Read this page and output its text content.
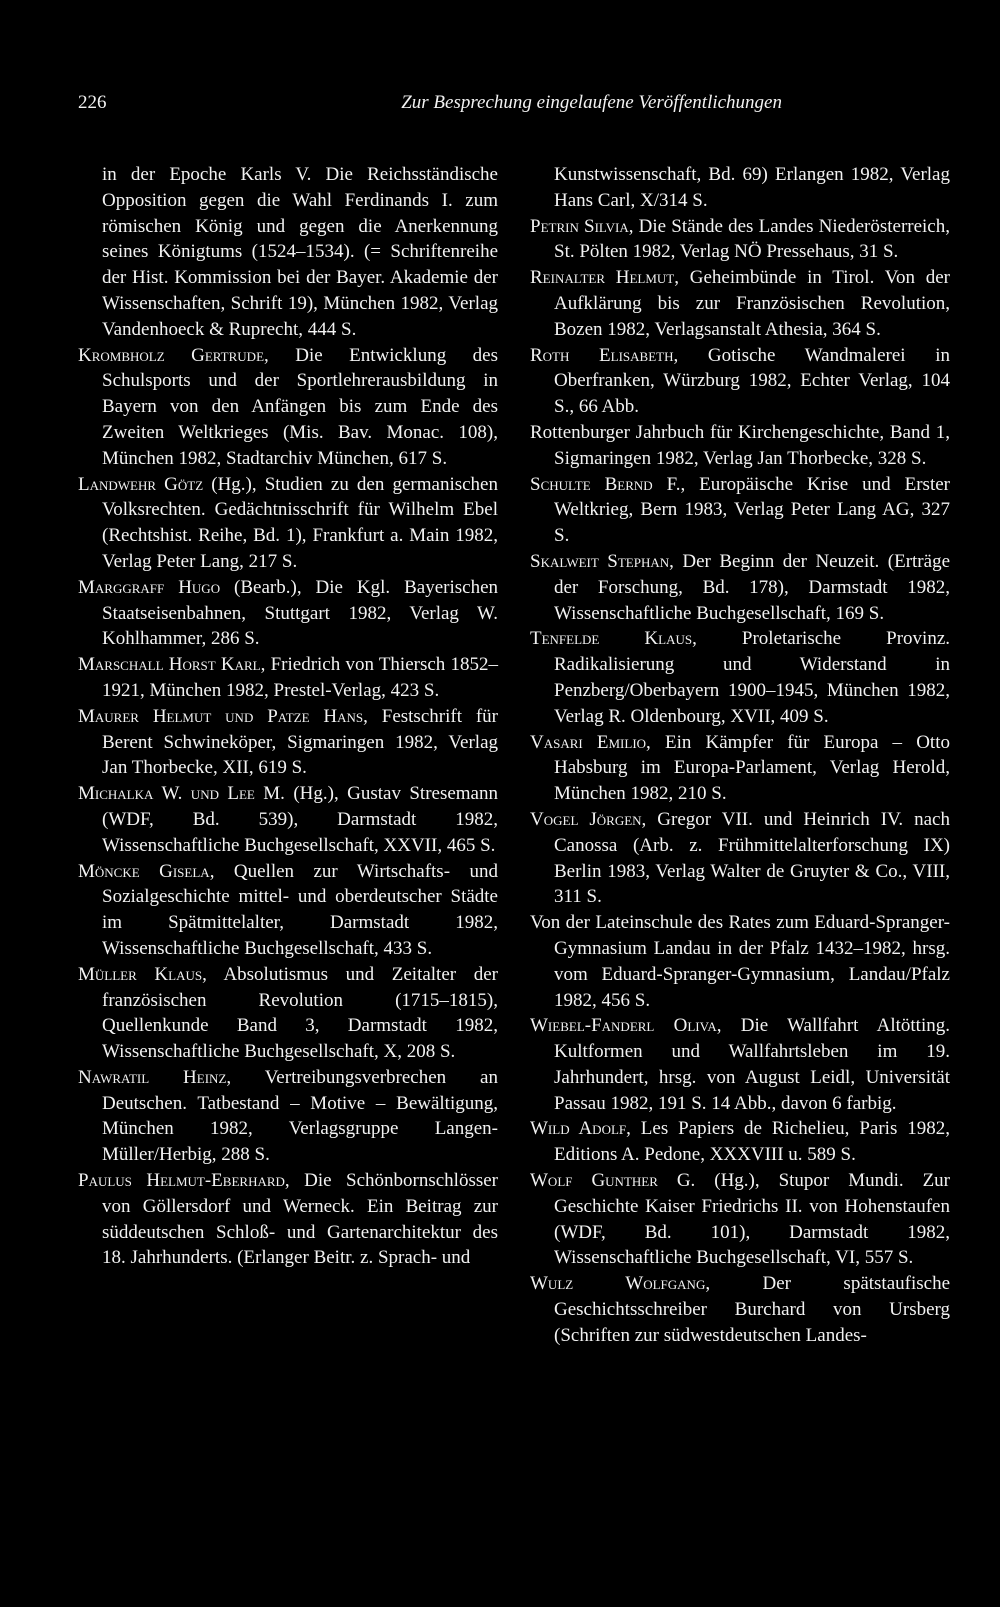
226	Zur Besprechung eingelaufene Veröffentlichungen
in der Epoche Karls V. Die Reichsständische Opposition gegen die Wahl Ferdinands I. zum römischen König und gegen die Anerkennung seines Königtums (1524–1534). (= Schriftenreihe der Hist. Kommission bei der Bayer. Akademie der Wissenschaften, Schrift 19), München 1982, Verlag Vandenhoeck & Ruprecht, 444 S.
Krombholz Gertrude, Die Entwicklung des Schulsports und der Sportlehrerausbildung in Bayern von den Anfängen bis zum Ende des Zweiten Weltkrieges (Mis. Bav. Monac. 108), München 1982, Stadtarchiv München, 617 S.
Landwehr Götz (Hg.), Studien zu den germanischen Volksrechten. Gedächtnisschrift für Wilhelm Ebel (Rechtshist. Reihe, Bd. 1), Frankfurt a. Main 1982, Verlag Peter Lang, 217 S.
Marggraff Hugo (Bearb.), Die Kgl. Bayerischen Staatseisenbahnen, Stuttgart 1982, Verlag W. Kohlhammer, 286 S.
Marschall Horst Karl, Friedrich von Thiersch 1852–1921, München 1982, Prestel-Verlag, 423 S.
Maurer Helmut und Patze Hans, Festschrift für Berent Schwineköper, Sigmaringen 1982, Verlag Jan Thorbecke, XII, 619 S.
Michalka W. und Lee M. (Hg.), Gustav Stresemann (WDF, Bd. 539), Darmstadt 1982, Wissenschaftliche Buchgesellschaft, XXVII, 465 S.
Möncke Gisela, Quellen zur Wirtschafts- und Sozialgeschichte mittel- und oberdeutscher Städte im Spätmittelalter, Darmstadt 1982, Wissenschaftliche Buchgesellschaft, 433 S.
Müller Klaus, Absolutismus und Zeitalter der französischen Revolution (1715–1815), Quellenkunde Band 3, Darmstadt 1982, Wissenschaftliche Buchgesellschaft, X, 208 S.
Nawratil Heinz, Vertreibungsverbrechen an Deutschen. Tatbestand – Motive – Bewältigung, München 1982, Verlagsgruppe Langen-Müller/Herbig, 288 S.
Paulus Helmut-Eberhard, Die Schönbornschlösser von Göllersdorf und Werneck. Ein Beitrag zur süddeutschen Schloß- und Gartenarchitektur des 18. Jahrhunderts. (Erlanger Beitr. z. Sprach- und
Kunstwissenschaft, Bd. 69) Erlangen 1982, Verlag Hans Carl, X/314 S.
Petrin Silvia, Die Stände des Landes Niederösterreich, St. Pölten 1982, Verlag NÖ Pressehaus, 31 S.
Reinalter Helmut, Geheimbünde in Tirol. Von der Aufklärung bis zur Französischen Revolution, Bozen 1982, Verlagsanstalt Athesia, 364 S.
Roth Elisabeth, Gotische Wandmalerei in Oberfranken, Würzburg 1982, Echter Verlag, 104 S., 66 Abb.
Rottenburger Jahrbuch für Kirchengeschichte, Band 1, Sigmaringen 1982, Verlag Jan Thorbecke, 328 S.
Schulte Bernd F., Europäische Krise und Erster Weltkrieg, Bern 1983, Verlag Peter Lang AG, 327 S.
Skalweit Stephan, Der Beginn der Neuzeit. (Erträge der Forschung, Bd. 178), Darmstadt 1982, Wissenschaftliche Buchgesellschaft, 169 S.
Tenfelde Klaus, Proletarische Provinz. Radikalisierung und Widerstand in Penzberg/Oberbayern 1900–1945, München 1982, Verlag R. Oldenbourg, XVII, 409 S.
Vasari Emilio, Ein Kämpfer für Europa – Otto Habsburg im Europa-Parlament, Verlag Herold, München 1982, 210 S.
Vogel Jörgen, Gregor VII. und Heinrich IV. nach Canossa (Arb. z. Frühmittelalterforschung IX) Berlin 1983, Verlag Walter de Gruyter & Co., VIII, 311 S.
Von der Lateinschule des Rates zum Eduard-Spranger-Gymnasium Landau in der Pfalz 1432–1982, hrsg. vom Eduard-Spranger-Gymnasium, Landau/Pfalz 1982, 456 S.
Wiebel-Fanderl Oliva, Die Wallfahrt Altötting. Kultformen und Wallfahrtsleben im 19. Jahrhundert, hrsg. von August Leidl, Universität Passau 1982, 191 S. 14 Abb., davon 6 farbig.
Wild Adolf, Les Papiers de Richelieu, Paris 1982, Editions A. Pedone, XXXVIII u. 589 S.
Wolf Gunther G. (Hg.), Stupor Mundi. Zur Geschichte Kaiser Friedrichs II. von Hohenstaufen (WDF, Bd. 101), Darmstadt 1982, Wissenschaftliche Buchgesellschaft, VI, 557 S.
Wulz Wolfgang, Der spätstaufische Geschichtsschreiber Burchard von Ursberg (Schriften zur südwestdeutschen Landes-
